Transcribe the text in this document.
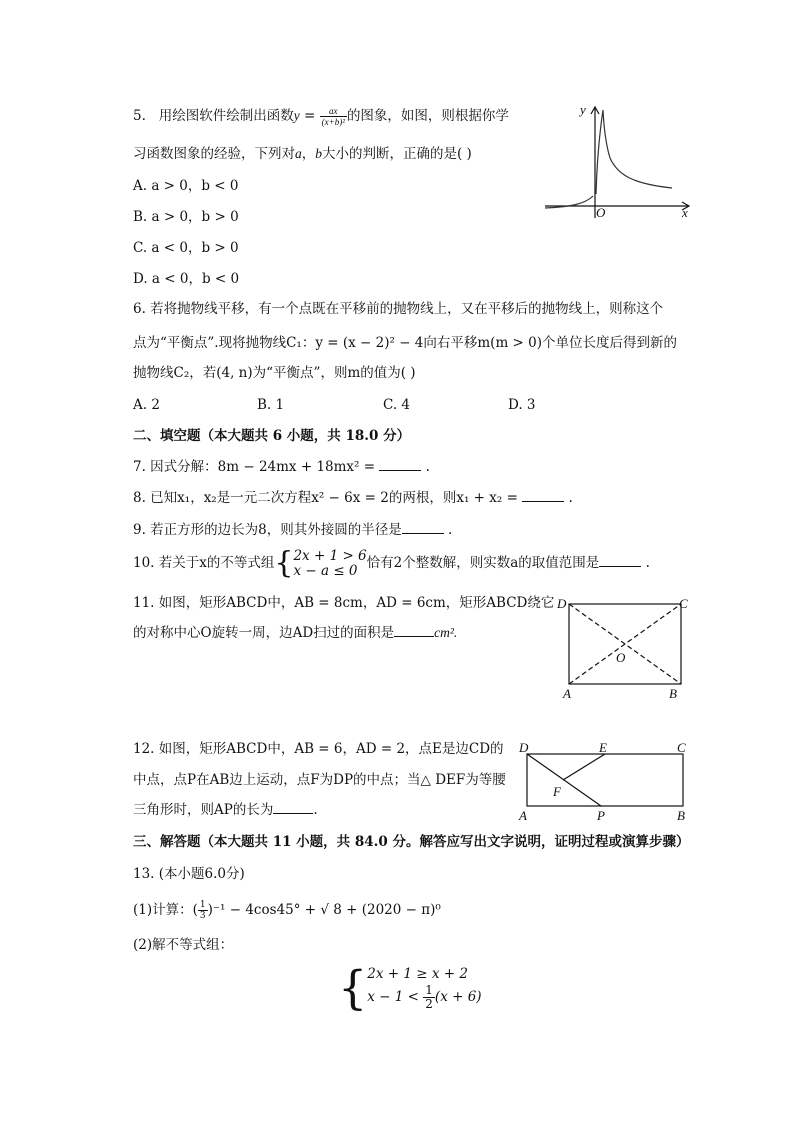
5. 用绘图软件绘制出函数$y = \frac{ax}{\text{(x+b)²}}$ 的图象，如图，则根据你学
习函数图象的经验，下列对a，b大小的判断，正确的是( )
A. a > 0，b < 0
B. a > 0，b > 0
C. a < 0，b > 0
D. a < 0，b < 0
y
x
O
6. 若将抛物线平移，有一个点既在平移前的抛物线上，又在平移后的抛物线上，则称这个
点为“平衡点”.现将抛物线C₁：y = (x − 2)² − 4向右平移m(m > 0)个单位长度后得到新的
抛物线C₂，若(4, n)为“平衡点”，则m的值为( )
A. 2	B. 1	C. 4	D. 3
二、填空题（本大题共 6 小题，共 18.0 分）
7. 因式分解：8m − 24mx + 18mx² =	.
8. 已知x₁，x₂是一元二次方程x² − 6x = 2的两根，则x₁ + x₂ =	.
9. 若正方形的边长为8，则其外接圆的半径是	.
10. 若关于x的不等式组{ 2x + 1 > 6
x − a ≤ 0 恰有2个整数解，则实数a的取值范围是	.
11. 如图，矩形ABCD中，AB = 8cm，AD = 6cm，矩形ABCD绕它
的对称中心O旋转一周，边AD扫过的面积是	cm².
D	C
A	B
O
12. 如图，矩形ABCD中，AB = 6，AD = 2，点E是边CD的
中点，点P在AB边上运动，点F为DP的中点；当△ DEF为等腰
三角形时，则AP的长为	.
D	E	C
F
A	P	B
三、解答题（本大题共 11 小题，共 84.0 分。解答应写出文字说明，证明过程或演算步骤）
13. (本小题6.0分)
(1)计算：( $\frac{1}{3} )^{-1} - 4\cos 45^\circ$ + √ 8 + (2020 − π)⁰
(2)解不等式组：
{ 2x + 1 ≥ x + 2
$x - 1 < \frac{1}{2} (x + 6)$
